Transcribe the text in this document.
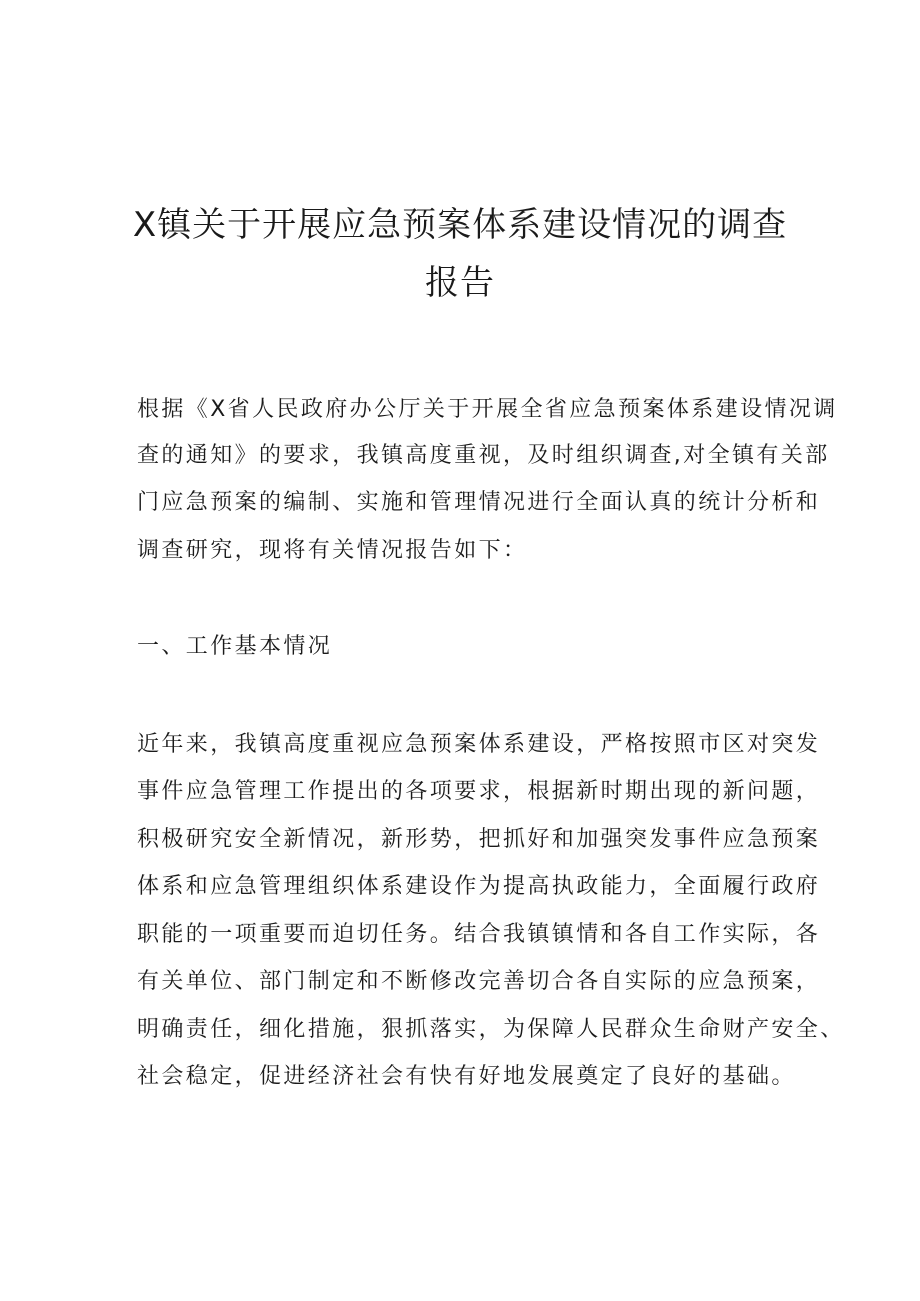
X镇关于开展应急预案体系建设情况的调查
报告

根据《X省人民政府办公厅关于开展全省应急预案体系建设情况调

查的通知》的要求，我镇高度重视，及时组织调查,对全镇有关部

门应急预案的编制、实施和管理情况进行全面认真的统计分析和

调查研究，现将有关情况报告如下：

一、工作基本情况

近年来，我镇高度重视应急预案体系建设，严格按照市区对突发

事件应急管理工作提出的各项要求，根据新时期出现的新问题，

积极研究安全新情况，新形势，把抓好和加强突发事件应急预案

体系和应急管理组织体系建设作为提高执政能力，全面履行政府

职能的一项重要而迫切任务。结合我镇镇情和各自工作实际，各

有关单位、部门制定和不断修改完善切合各自实际的应急预案，

明确责任，细化措施，狠抓落实，为保障人民群众生命财产安全、

社会稳定，促进经济社会有快有好地发展奠定了良好的基础。
